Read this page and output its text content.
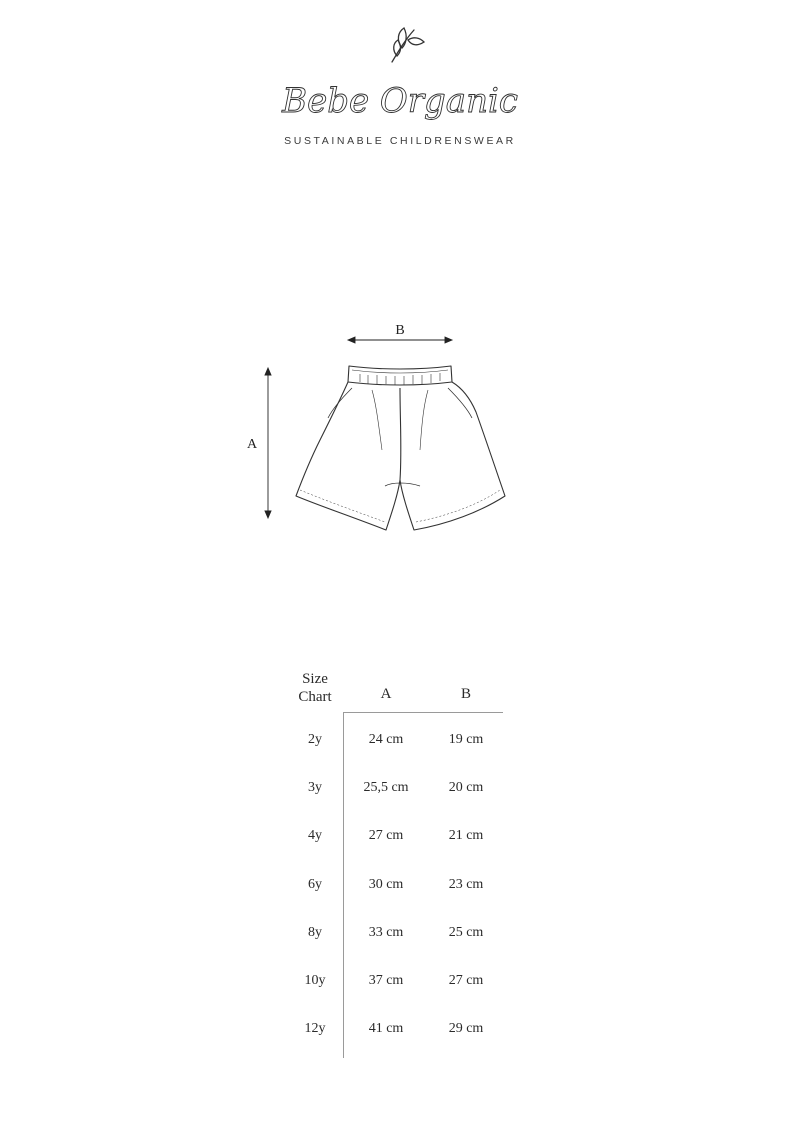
Bebe Organic
SUSTAINABLE CHILDRENSWEAR
B
A
Size
Chart	A	B
2y	24 cm	19 cm
3y	25,5 cm	20 cm
4y	27 cm	21 cm
6y	30 cm	23 cm
8y	33 cm	25 cm
10y	37 cm	27 cm
12y	41 cm	29 cm
